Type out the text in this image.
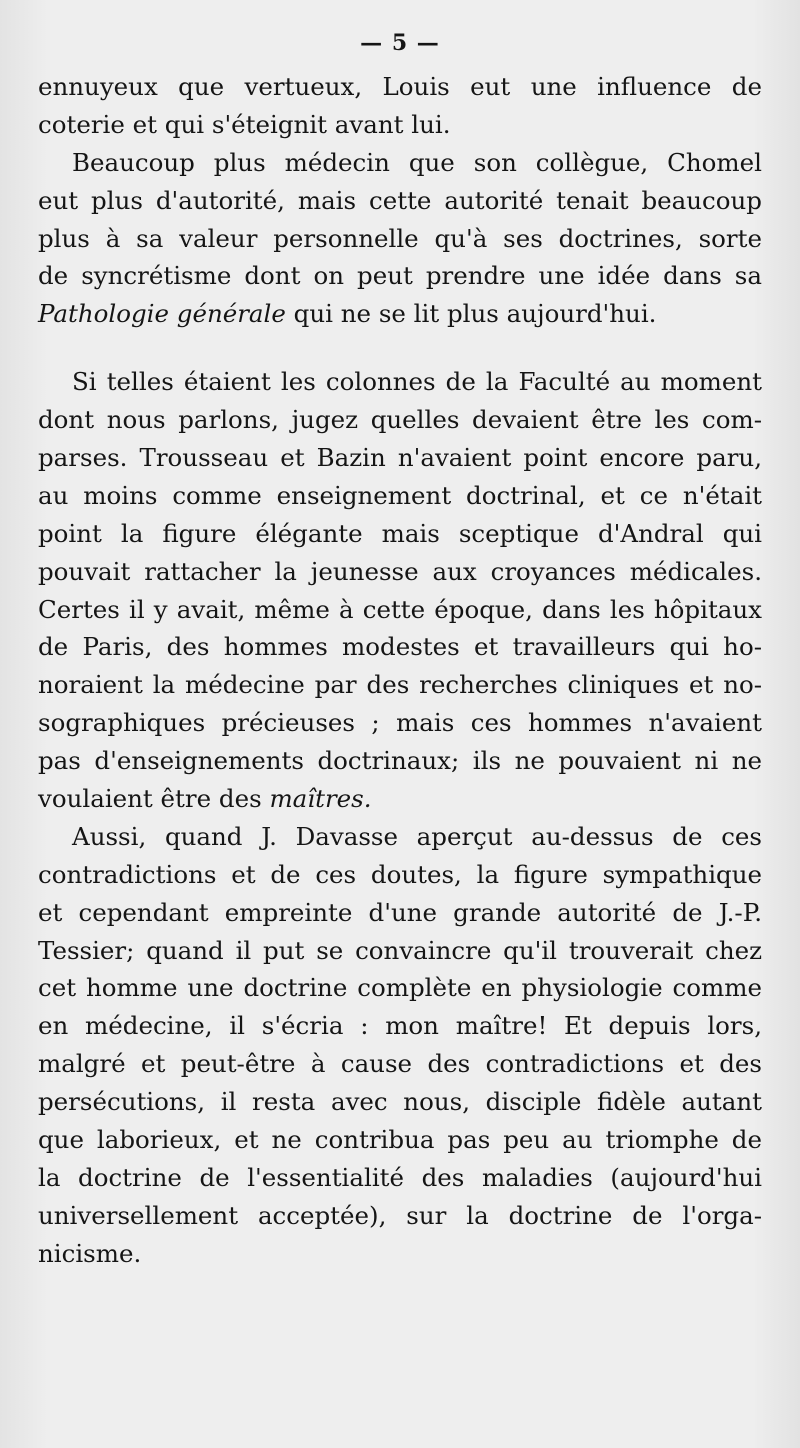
— 5 —
ennuyeux que vertueux, Louis eut une influence de
coterie et qui s'éteignit avant lui.
Beaucoup plus médecin que son collègue, Chomel
eut plus d'autorité, mais cette autorité tenait beaucoup
plus à sa valeur personnelle qu'à ses doctrines, sorte
de syncrétisme dont on peut prendre une idée dans sa
Pathologie générale qui ne se lit plus aujourd'hui.
Si telles étaient les colonnes de la Faculté au moment
dont nous parlons, jugez quelles devaient être les com-
parses. Trousseau et Bazin n'avaient point encore paru,
au moins comme enseignement doctrinal, et ce n'était
point la figure élégante mais sceptique d'Andral qui
pouvait rattacher la jeunesse aux croyances médicales.
Certes il y avait, même à cette époque, dans les hôpitaux
de Paris, des hommes modestes et travailleurs qui ho-
noraient la médecine par des recherches cliniques et no-
sographiques précieuses ; mais ces hommes n'avaient
pas d'enseignements doctrinaux; ils ne pouvaient ni ne
voulaient être des maîtres.
Aussi, quand J. Davasse aperçut au-dessus de ces
contradictions et de ces doutes, la figure sympathique
et cependant empreinte d'une grande autorité de J.-P.
Tessier; quand il put se convaincre qu'il trouverait chez
cet homme une doctrine complète en physiologie comme
en médecine, il s'écria : mon maître! Et depuis lors,
malgré et peut-être à cause des contradictions et des
persécutions, il resta avec nous, disciple fidèle autant
que laborieux, et ne contribua pas peu au triomphe de
la doctrine de l'essentialité des maladies (aujourd'hui
universellement acceptée), sur la doctrine de l'orga-
nicisme.
